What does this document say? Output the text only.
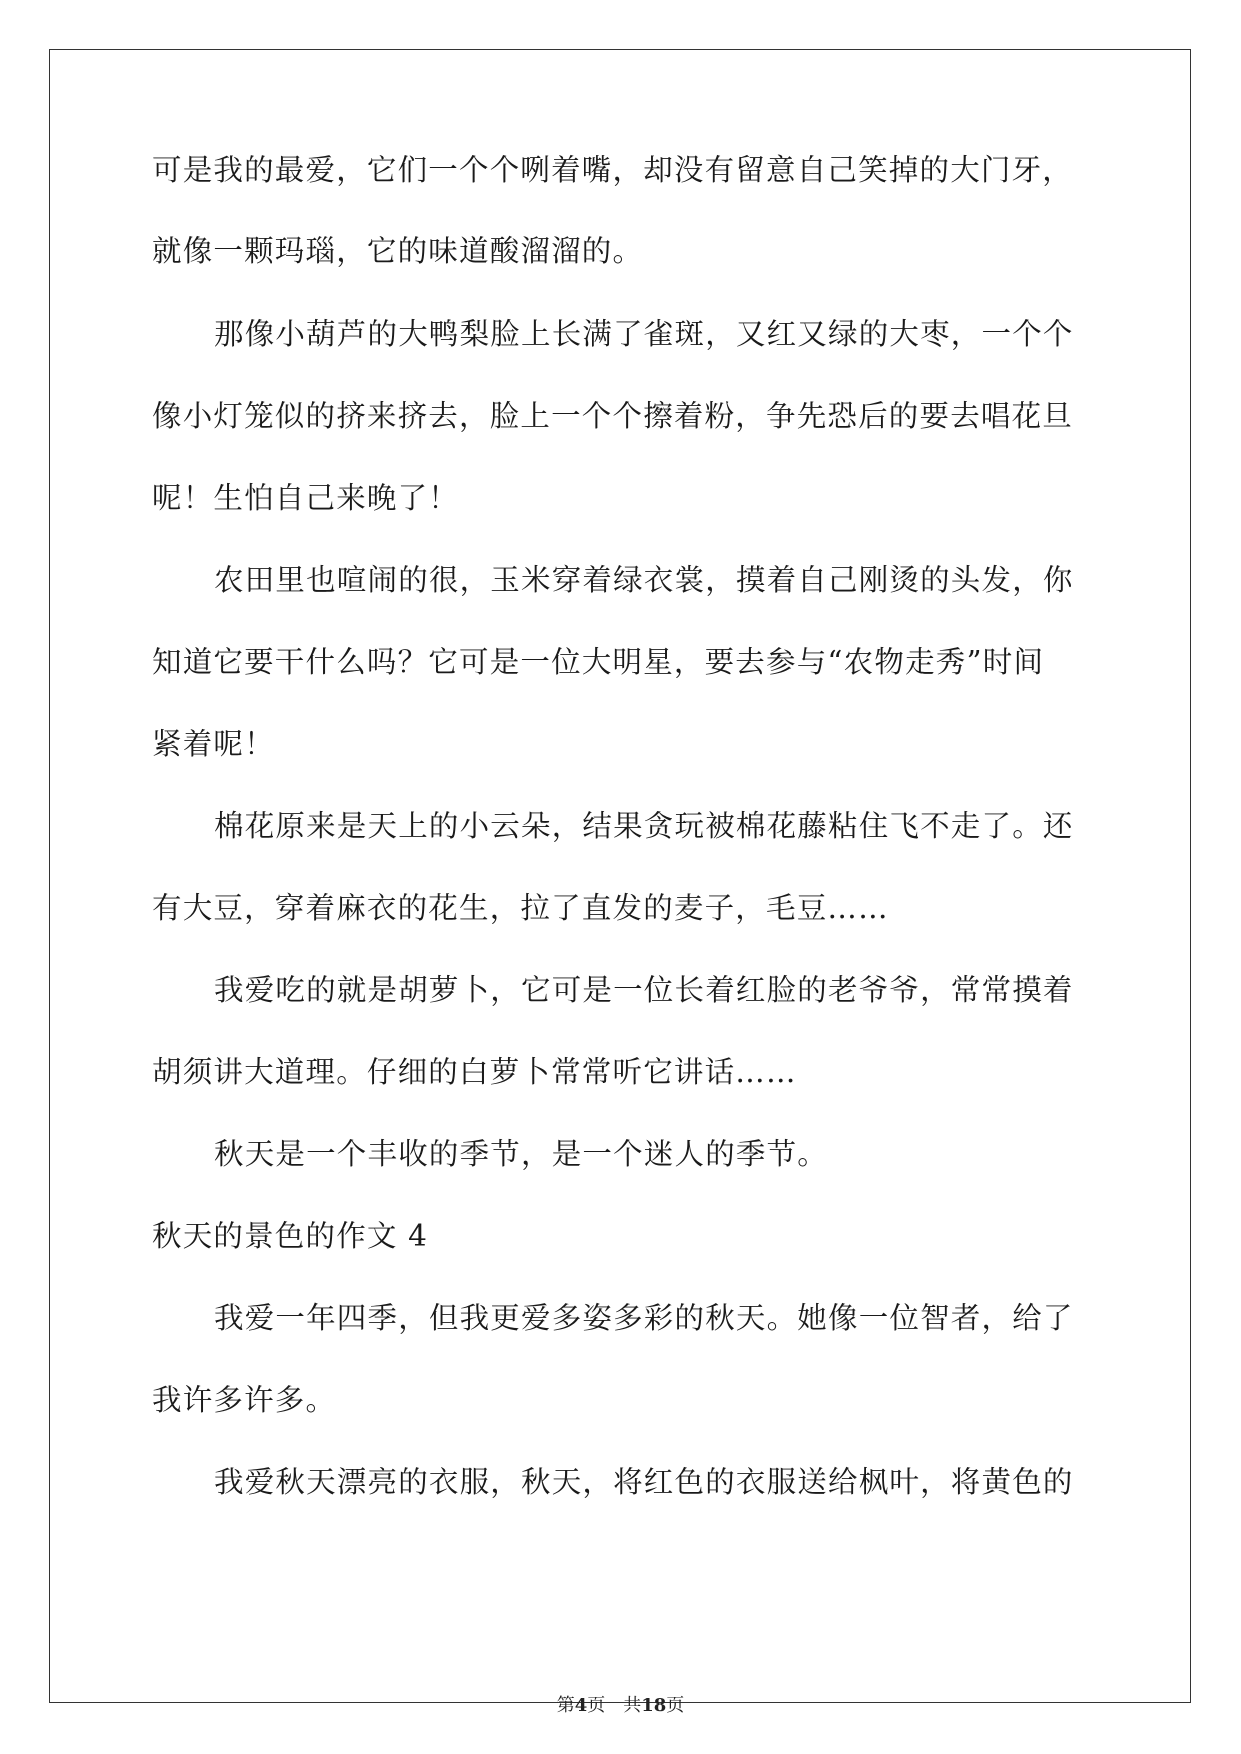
可是我的最爱，它们一个个咧着嘴，却没有留意自己笑掉的大门牙，
就像一颗玛瑙，它的味道酸溜溜的。
那像小葫芦的大鸭梨脸上长满了雀斑，又红又绿的大枣，一个个
像小灯笼似的挤来挤去，脸上一个个擦着粉，争先恐后的要去唱花旦
呢！生怕自己来晚了！
农田里也喧闹的很，玉米穿着绿衣裳，摸着自己刚烫的头发，你
知道它要干什么吗？它可是一位大明星，要去参与“农物走秀”时间
紧着呢！
棉花原来是天上的小云朵，结果贪玩被棉花藤粘住飞不走了。还
有大豆，穿着麻衣的花生，拉了直发的麦子，毛豆……
我爱吃的就是胡萝卜，它可是一位长着红脸的老爷爷，常常摸着
胡须讲大道理。仔细的白萝卜常常听它讲话……
秋天是一个丰收的季节，是一个迷人的季节。
秋天的景色的作文 4
我爱一年四季，但我更爱多姿多彩的秋天。她像一位智者，给了
我许多许多。
我爱秋天漂亮的衣服，秋天，将红色的衣服送给枫叶，将黄色的
第4页  共18页
